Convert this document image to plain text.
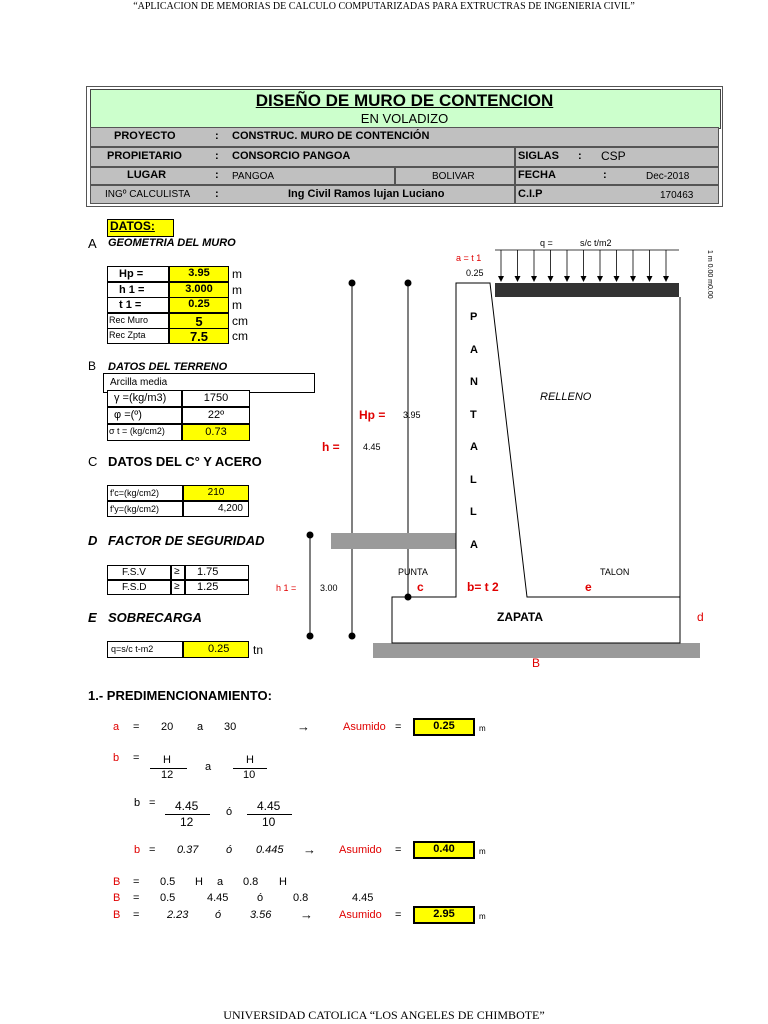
“APLICACION DE MEMORIAS DE CALCULO COMPUTARIZADAS PARA EXTRUCTRAS DE INGENIERIA CIVIL”
DISEÑO DE MURO DE CONTENCION
EN VOLADIZO
PROYECTO	: CONSTRUC. MURO DE CONTENCIÓN
PROPIETARIO	: CONSORCIO PANGOA	SIGLAS : CSP
LUGAR	: PANGOA	BOLIVAR	FECHA	:	Dec-2018
INGº CALCULISTA :	Ing Civil Ramos lujan Luciano	C.I.P	170463
DATOS:
A GEOMETRIA DEL MURO
Hp =	3.95	m
h 1 =	3.000	m
t 1 =	0.25	m
Rec Muro	5	cm
Rec Zpta	7.5	cm
B DATOS DEL TERRENO
Arcilla media
γ =(kg/m3)	1750
φ =(º)	22º
σ t = (kg/cm2)	0.73
C DATOS DEL C° Y ACERO
f'c=(kg/cm2)	210
f'y=(kg/cm2)	4,200
D FACTOR DE SEGURIDAD
F.S.V	≥ 1.75
F.S.D	≥ 1.25
E SOBRECARGA
q=s/c t-m2	0.25 tn
a = t 1
0.25
q =	s/c t/m2
1 m 0.00 m0.00
P
A
N
T
A
L
L
A
RELLENO
Hp = 3.95
h =	4.45
PUNTA	TALON
h 1 =	3.00	c	b= t 2	e
ZAPATA	d
B
1.- PREDIMENCIONAMIENTO:
a = 20 a 30	→	Asumido =	0.25	m
b = H
12
a
H
10
b = 4.45
12
ó 4.45
10
b = 0.37	ó 0.445 → Asumido =	0.40	m
B = 0.5 H a 0.8 H
B = 0.5	4.45	ó	0.8	4.45
B =	2.23 ó	3.56 → Asumido =	2.95	m
UNIVERSIDAD CATOLICA “LOS ANGELES DE CHIMBOTE”
